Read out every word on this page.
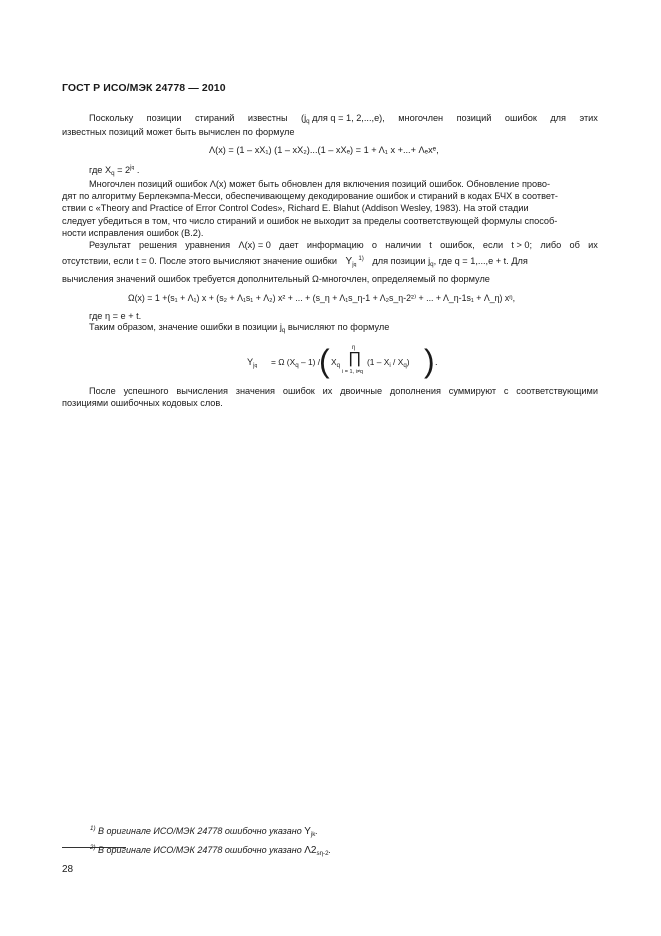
ГОСТ Р ИСО/МЭК 24778 — 2010
Поскольку позиции стираний известны ($j_q$ для q = 1, 2,...,e), многочлен позиций ошибок для этих
известных позиций может быть вычислен по формуле
Λ(x) = (1 – xX₁) (1 – xX₂)...(1 – xXₑ) = 1 + Λ₁ x +...+ Λₑxᵉ,
где $X_q = 2^{jq}$ .
Многочлен позиций ошибок Λ(x) может быть обновлен для включения позиций ошибок. Обновление прово-
дят по алгоритму Берлекэмпа-Месси, обеспечивающему декодирование ошибок и стираний в кодах БЧХ в соответ-
ствии с «Theory and Practice of Error Control Codes», Richard E. Blahut (Addison Wesley, 1983). На этой стадии
следует убедиться в том, что число стираний и ошибок не выходит за пределы соответствующей формулы способ-
ности исправления ошибок (В.2).
Результат решения уравнения Λ(x) = 0 дает информацию о наличии t ошибок, если t > 0; либо об их
отсутствии, если t = 0. После этого вычисляют значение ошибки $Y_{jq}^{1)}$ для позиции $j_q$, где q = 1,...,e + t. Для
вычисления значений ошибок требуется дополнительный Ω-многочлен, определяемый по формуле
Ω(x) = 1 +(s₁ + Λ₁) x + (s₂ + Λ₁s₁ + Λ₂) x² + ... + (s_η + Λ₁s_η-1 + Λ₂s_η-2²⁾ + ... + Λ_η-1s₁ + Λ_η) xᵑ,
где η = e + t.
Таким образом, значение ошибки в позиции $j_q$ вычисляют по формуле
$Y_{jq} = \Omega$ $(X_q - 1)$ /
( $X_q$
η
∏
i = 1, i≠q
$(1 - X_i / X_q)$ ) .
После успешного вычисления значения ошибок их двоичные дополнения суммируют с соответствующими
позициями ошибочных кодовых слов.
$^{1)}$ В оригинале ИСО/МЭК 24778 ошибочно указано $Y_{jk}$.
$^{2)}$ В оригинале ИСО/МЭК 24778 ошибочно указано $\Lambda 2_{s\eta-2}$.
28
